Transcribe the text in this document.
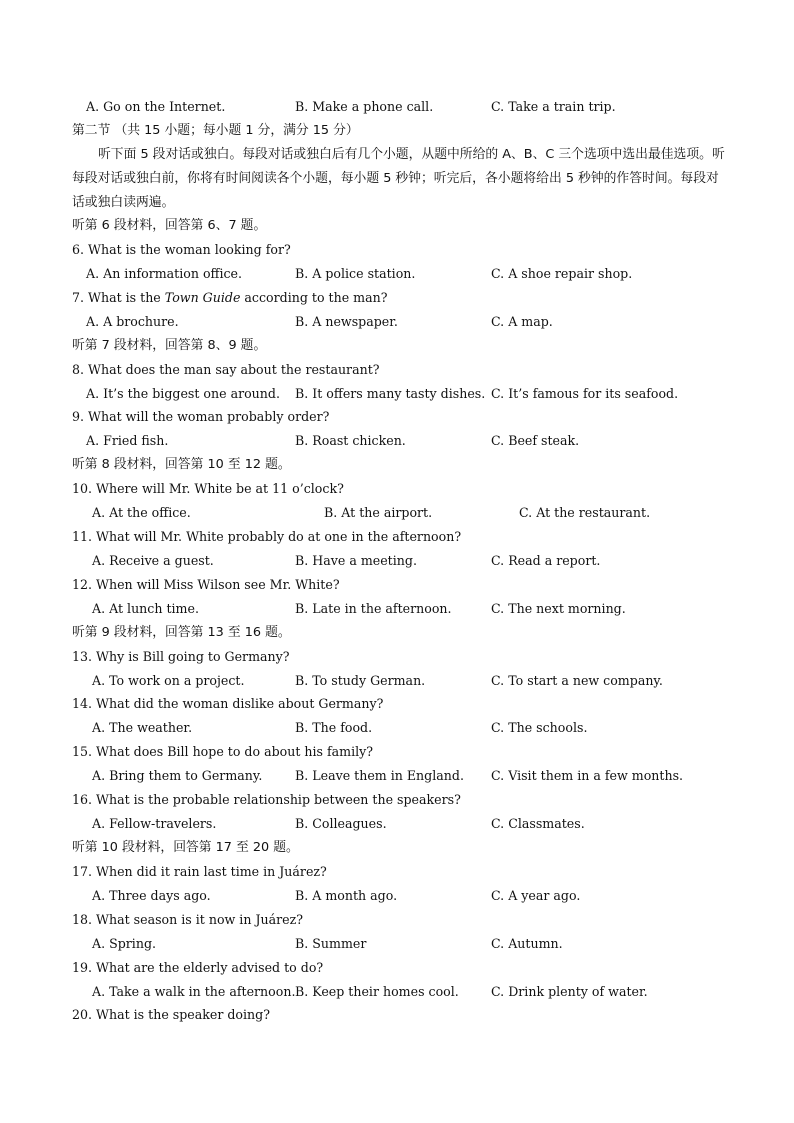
A. Go on the Internet.	B. Make a phone call.	C. Take a train trip.
第二节 （共 15 小题；每小题 1 分，满分 15 分）
听下面 5 段对话或独白。每段对话或独白后有几个小题，从题中所给的 A、B、C 三个选项中选出最佳选项。听每段对话或独白前，你将有时间阅读各个小题，每小题 5 秒钟；听完后，各小题将给出 5 秒钟的作答时间。每段对话或独白读两遍。
听第 6 段材料，回答第 6、7 题。
6. What is the woman looking for?
A. An information office.	B. A police station.	C. A shoe repair shop.
7. What is the Town Guide according to the man?
A. A brochure.	B. A newspaper.	C. A map.
听第 7 段材料，回答第 8、9 题。
8. What does the man say about the restaurant?
A. It’s the biggest one around. B. It offers many tasty dishes. C. It’s famous for its seafood.
9. What will the woman probably order?
A. Fried fish.	B. Roast chicken.	C. Beef steak.
听第 8 段材料，回答第 10 至 12 题。
10. Where will Mr. White be at 11 o’clock?
A. At the office.	B. At the airport.	C. At the restaurant.
11. What will Mr. White probably do at one in the afternoon?
A. Receive a guest.	B. Have a meeting.	C. Read a report.
12. When will Miss Wilson see Mr. White?
A. At lunch time.	B. Late in the afternoon.	C. The next morning.
听第 9 段材料，回答第 13 至 16 题。
13. Why is Bill going to Germany?
A. To work on a project.	B. To study German.	C. To start a new company.
14. What did the woman dislike about Germany?
A. The weather.	B. The food.	C. The schools.
15. What does Bill hope to do about his family?
A. Bring them to Germany.	B. Leave them in England. C. Visit them in a few months.
16. What is the probable relationship between the speakers?
A. Fellow-travelers.	B. Colleagues.	C. Classmates.
听第 10 段材料，回答第 17 至 20 题。
17. When did it rain last time in Juárez?
A. Three days ago.	B. A month ago.	C. A year ago.
18. What season is it now in Juárez?
A. Spring.	B. Summer	C. Autumn.
19. What are the elderly advised to do?
A. Take a walk in the afternoon. B. Keep their homes cool.	C. Drink plenty of water.
20. What is the speaker doing?
